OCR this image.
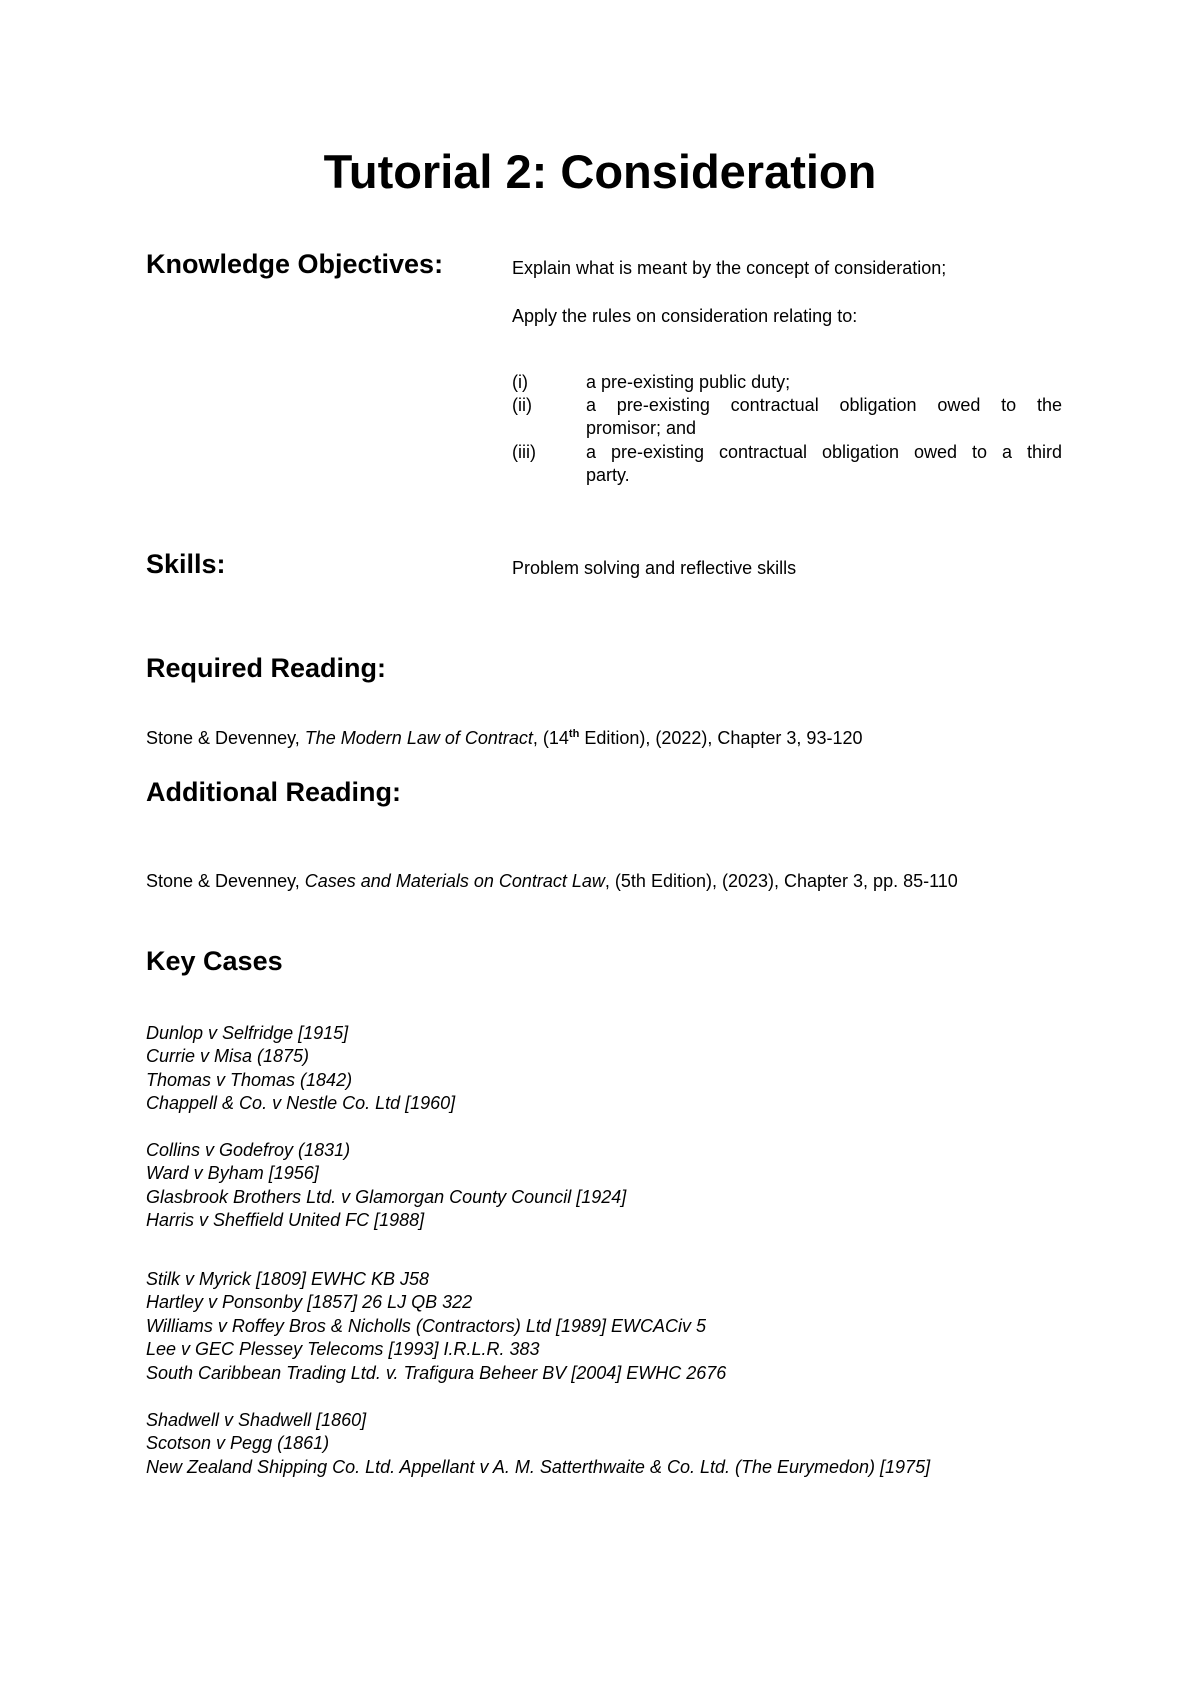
Tutorial 2: Consideration
Knowledge Objectives:	Explain what is meant by the concept of consideration;
Apply the rules on consideration relating to:
(i)	a pre-existing public duty;
(ii)	a pre-existing contractual obligation owed to the
promisor; and
(iii)	a pre-existing contractual obligation owed to a third
party.
Skills:	Problem solving and reflective skills
Required Reading:
Stone & Devenney, The Modern Law of Contract, (14th Edition), (2022), Chapter 3, 93-120
Additional Reading:
Stone & Devenney, Cases and Materials on Contract Law, (5th Edition), (2023), Chapter 3, pp. 85-110
Key Cases
Dunlop v Selfridge [1915]
Currie v Misa (1875)
Thomas v Thomas (1842)
Chappell & Co. v Nestle Co. Ltd [1960]
Collins v Godefroy (1831)
Ward v Byham [1956]
Glasbrook Brothers Ltd. v Glamorgan County Council [1924]
Harris v Sheffield United FC [1988]
Stilk v Myrick [1809] EWHC KB J58
Hartley v Ponsonby [1857] 26 LJ QB 322
Williams v Roffey Bros & Nicholls (Contractors) Ltd [1989] EWCACiv 5
Lee v GEC Plessey Telecoms [1993] I.R.L.R. 383
South Caribbean Trading Ltd. v. Trafigura Beheer BV [2004] EWHC 2676
Shadwell v Shadwell [1860]
Scotson v Pegg (1861)
New Zealand Shipping Co. Ltd. Appellant v A. M. Satterthwaite & Co. Ltd. (The Eurymedon) [1975]
